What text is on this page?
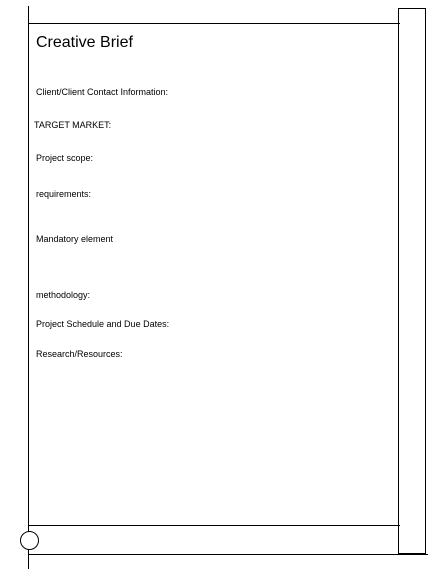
Creative Brief
Client/Client Contact Information:
TARGET MARKET:
Project scope:
requirements:
Mandatory element
methodology:
Project Schedule and Due Dates:
Research/Resources:
